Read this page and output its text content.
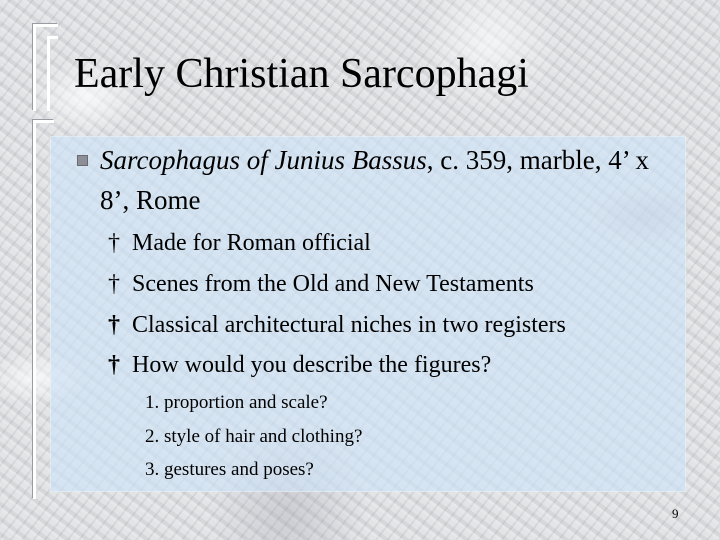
Early Christian Sarcophagi
Sarcophagus of Junius Bassus, c. 359, marble, 4’ x 8’, Rome
† Made for Roman official
† Scenes from the Old and New Testaments
† Classical architectural niches in two registers
† How would you describe the figures?
1. proportion and scale?
2. style of hair and clothing?
3. gestures and poses?
9
